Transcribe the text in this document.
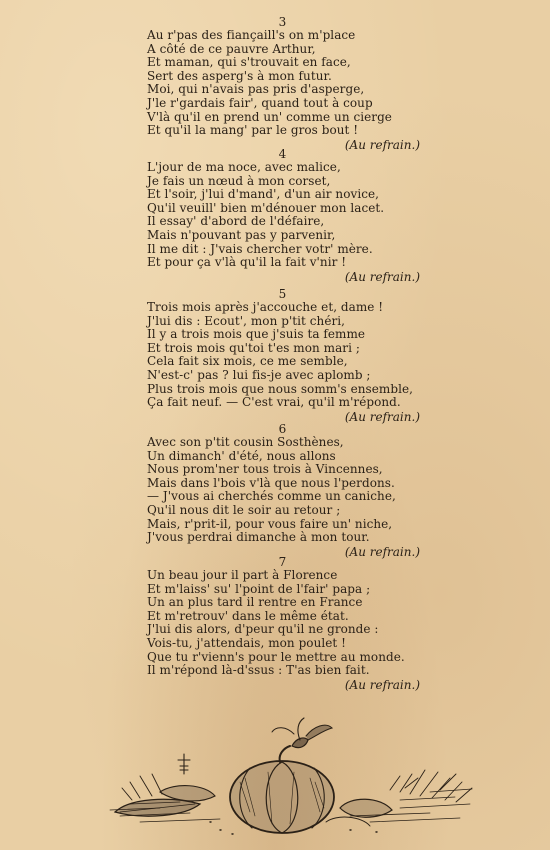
3
Au r'pas des fiançaill's on m'place
A côté de ce pauvre Arthur,
Et maman, qui s'trouvait en face,
Sert des asperg's à mon futur.
Moi, qui n'avais pas pris d'asperge,
J'le r'gardais fair', quand tout à coup
V'là qu'il en prend un' comme un cierge
Et qu'il la mang' par le gros bout !
(Au refrain.)
4
L'jour de ma noce, avec malice,
Je fais un nœud à mon corset,
Et l'soir, j'lui d'mand', d'un air novice,
Qu'il veuill' bien m'dénouer mon lacet.
Il essay' d'abord de l'défaire,
Mais n'pouvant pas y parvenir,
Il me dit : J'vais chercher votr' mère.
Et pour ça v'là qu'il la fait v'nir !
(Au refrain.)
5
Trois mois après j'accouche et, dame !
J'lui dis : Ecout', mon p'tit chéri,
Il y a trois mois que j'suis ta femme
Et trois mois qu'toi t'es mon mari ;
Cela fait six mois, ce me semble,
N'est-c' pas ? lui fis-je avec aplomb ;
Plus trois mois que nous somm's ensemble,
Ça fait neuf. — C'est vrai, qu'il m'répond.
(Au refrain.)
6
Avec son p'tit cousin Sosthènes,
Un dimanch' d'été, nous allons
Nous prom'ner tous trois à Vincennes,
Mais dans l'bois v'là que nous l'perdons.
— J'vous ai cherchés comme un caniche,
Qu'il nous dit le soir au retour ;
Mais, r'prit-il, pour vous faire un' niche,
J'vous perdrai dimanche à mon tour.
(Au refrain.)
7
Un beau jour il part à Florence
Et m'laiss' su' l'point de l'fair' papa ;
Un an plus tard il rentre en France
Et m'retrouv' dans le même état.
J'lui dis alors, d'peur qu'il ne gronde :
Vois-tu, j'attendais, mon poulet !
Que tu r'vienn's pour le mettre au monde.
Il m'répond là-d'ssus : T'as bien fait.
(Au refrain.)
